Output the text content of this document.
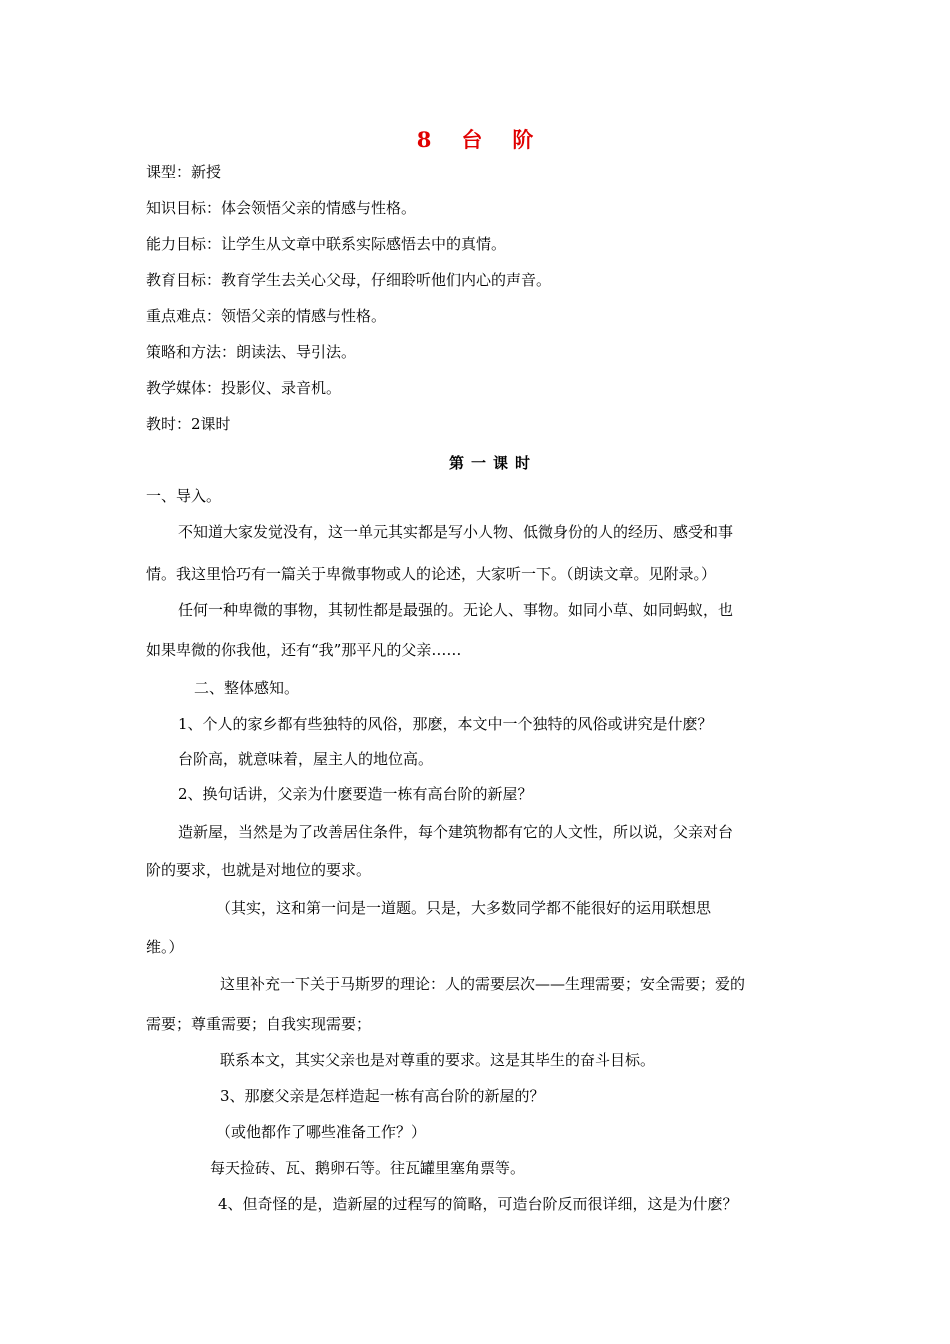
8 台 阶
课型：新授
知识目标：体会领悟父亲的情感与性格。
能力目标：让学生从文章中联系实际感悟去中的真情。
教育目标：教育学生去关心父母，仔细聆听他们内心的声音。
重点难点：领悟父亲的情感与性格。
策略和方法：朗读法、导引法。
教学媒体：投影仪、录音机。
教时：2课时
第一课时
一、导入。
不知道大家发觉没有，这一单元其实都是写小人物、低微身份的人的经历、感受和事
情。我这里恰巧有一篇关于卑微事物或人的论述，大家听一下。（朗读文章。见附录。）
任何一种卑微的事物，其韧性都是最强的。无论人、事物。如同小草、如同蚂蚁，也
如果卑微的你我他，还有“我”那平凡的父亲……
二、整体感知。
1、个人的家乡都有些独特的风俗，那麽，本文中一个独特的风俗或讲究是什麽？
台阶高，就意味着，屋主人的地位高。
2、换句话讲，父亲为什麽要造一栋有高台阶的新屋？
造新屋，当然是为了改善居住条件，每个建筑物都有它的人文性，所以说，父亲对台
阶的要求，也就是对地位的要求。
（其实，这和第一问是一道题。只是，大多数同学都不能很好的运用联想思
维。）
这里补充一下关于马斯罗的理论：人的需要层次——生理需要；安全需要；爱的
需要；尊重需要；自我实现需要；
联系本文，其实父亲也是对尊重的要求。这是其毕生的奋斗目标。
3、那麽父亲是怎样造起一栋有高台阶的新屋的？
（或他都作了哪些准备工作？）
每天捡砖、瓦、鹅卵石等。往瓦罐里塞角票等。
4、但奇怪的是，造新屋的过程写的简略，可造台阶反而很详细，这是为什麽？
